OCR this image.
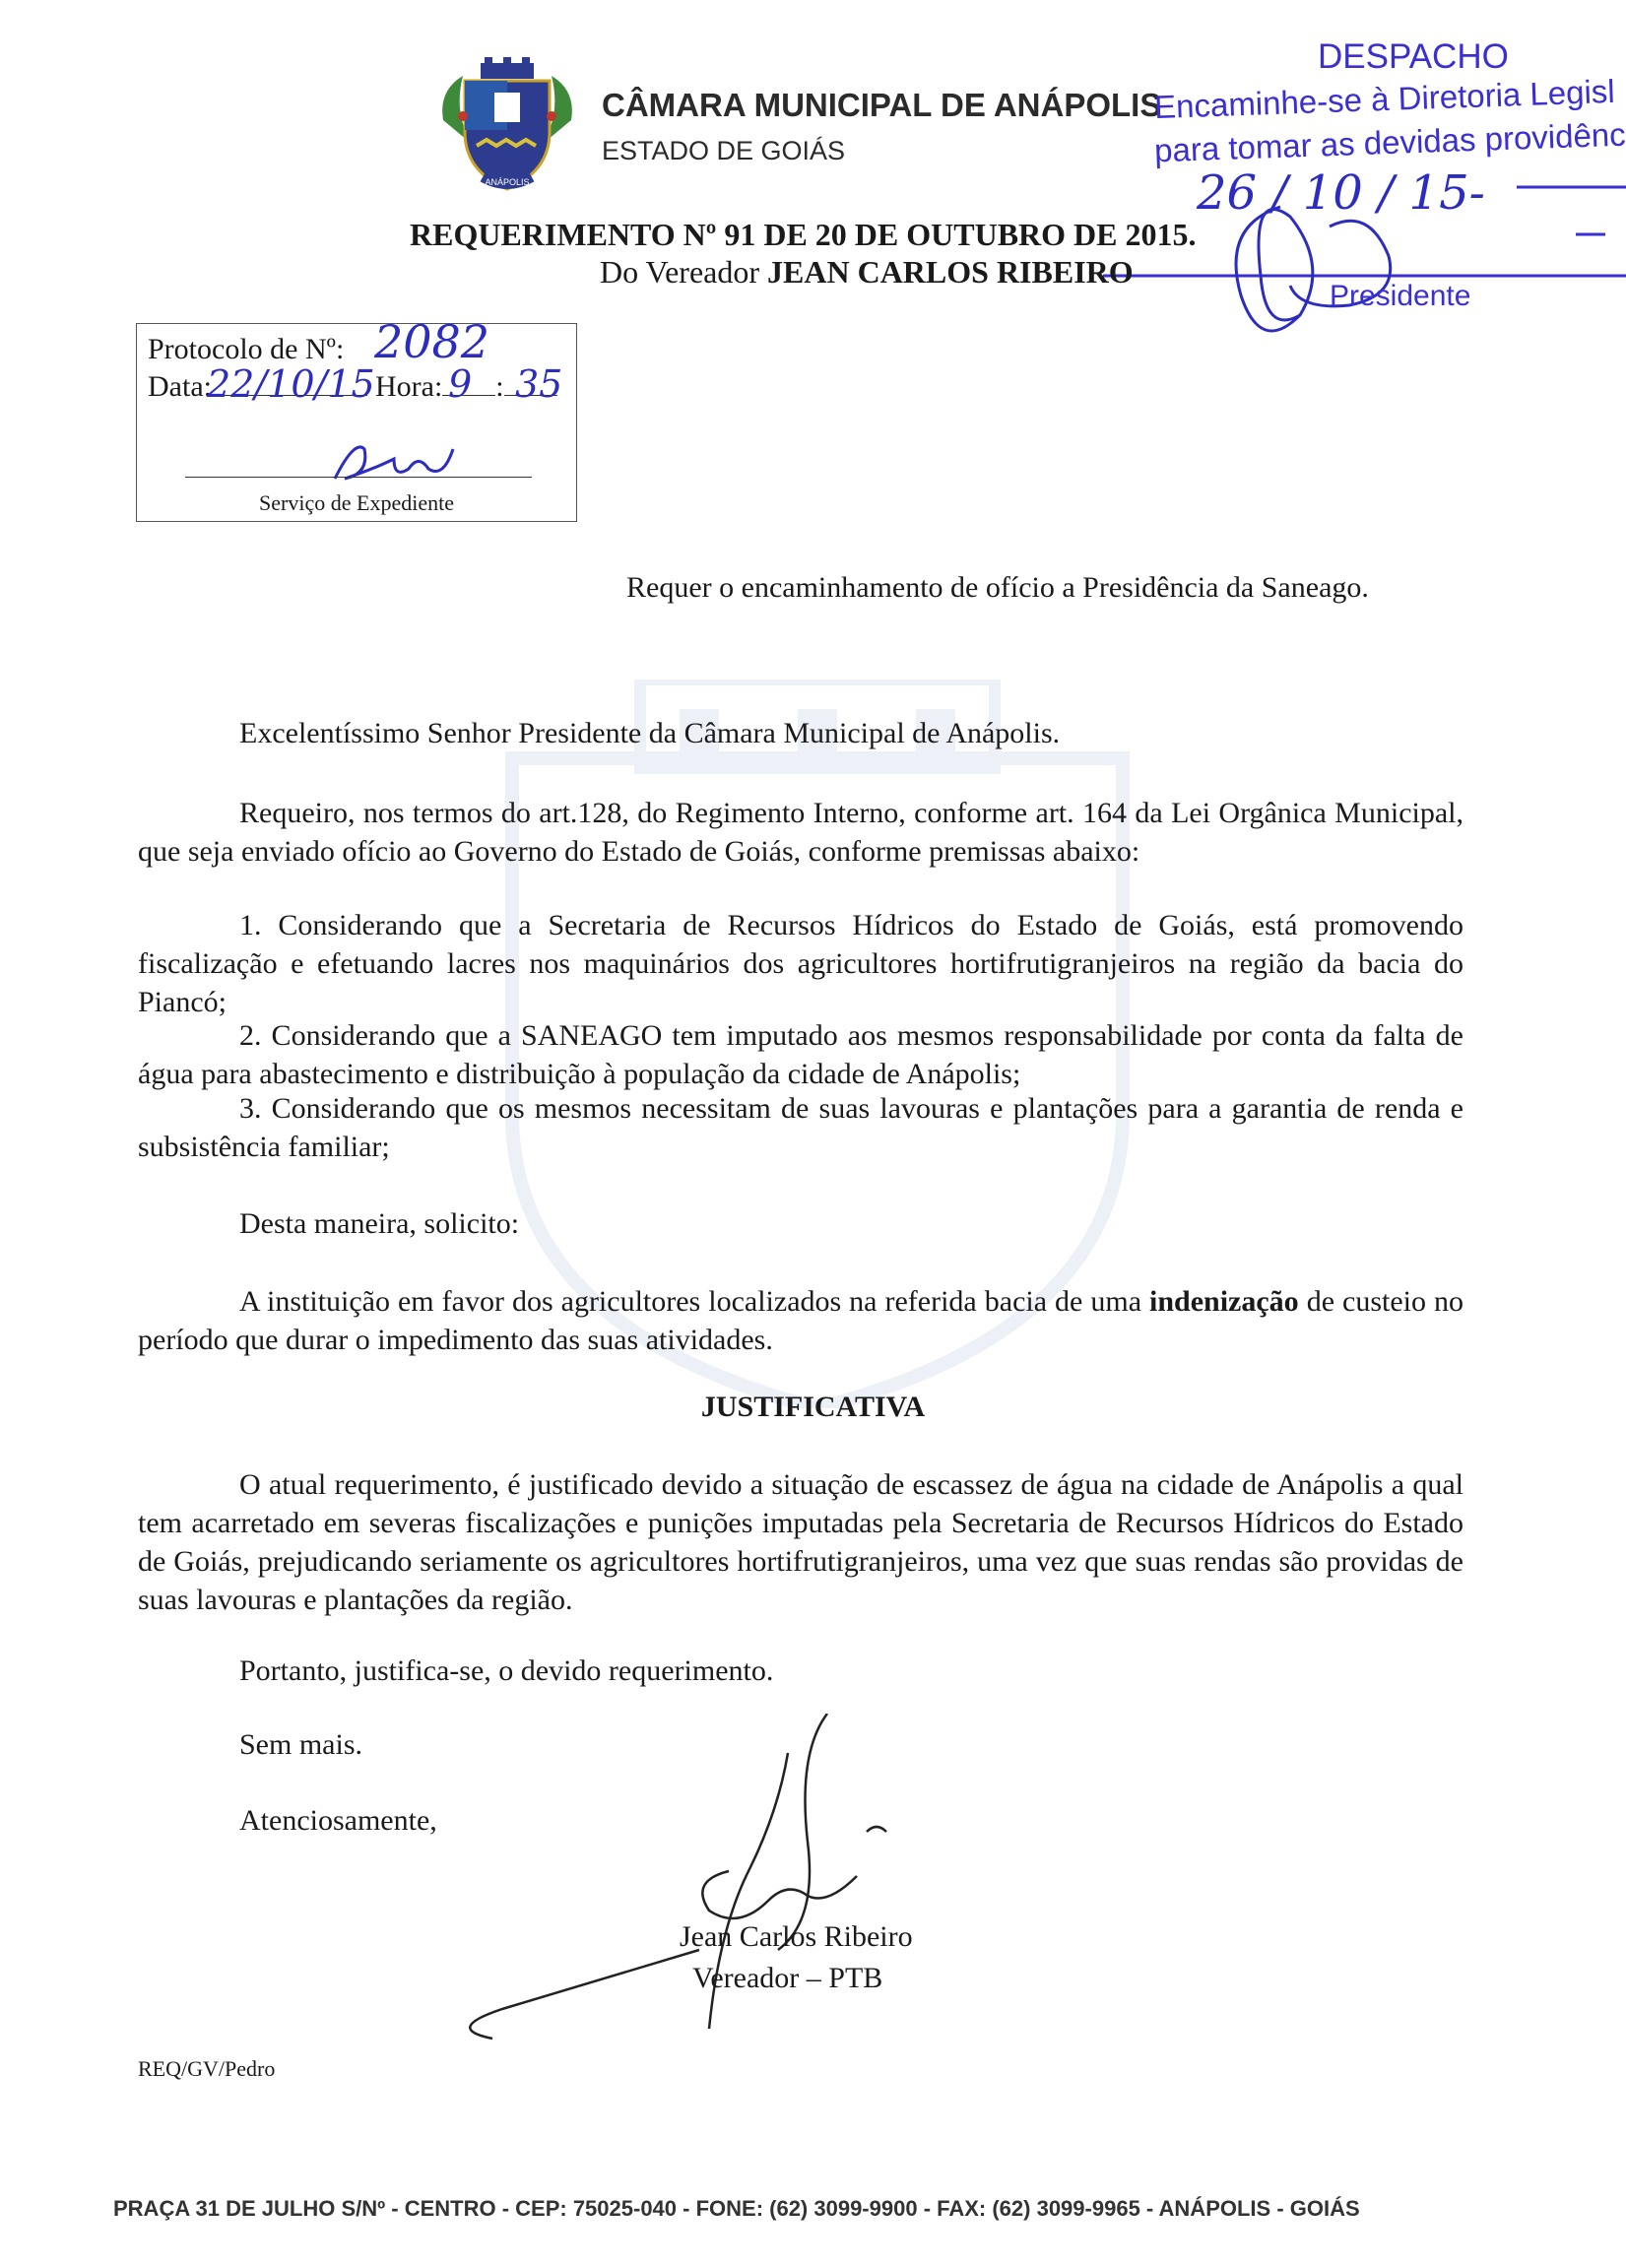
ANÁPOLIS
CÂMARA MUNICIPAL DE ANÁPOLIS
ESTADO DE GOIÁS
DESPACHO
Encaminhe-se à Diretoria Legisl
para tomar as devidas providênc
26 / 10 / 15-
Presidente
REQUERIMENTO Nº 91 DE 20 DE OUTUBRO DE 2015.
Do Vereador JEAN CARLOS RIBEIRO
Protocolo de Nº: 2082
Data:	Hora: :
22/10/15 9 35
Serviço de Expediente
Requer o encaminhamento de ofício a Presidência da Saneago.
Excelentíssimo Senhor Presidente da Câmara Municipal de Anápolis.
Requeiro, nos termos do art.128, do Regimento Interno, conforme art. 164 da Lei Orgânica Municipal, que seja enviado ofício ao Governo do Estado de Goiás, conforme premissas abaixo:
1. Considerando que a Secretaria de Recursos Hídricos do Estado de Goiás, está promovendo fiscalização e efetuando lacres nos maquinários dos agricultores hortifrutigranjeiros na região da bacia do Piancó;
2. Considerando que a SANEAGO tem imputado aos mesmos responsabilidade por conta da falta de água para abastecimento e distribuição à população da cidade de Anápolis;
3. Considerando que os mesmos necessitam de suas lavouras e plantações para a garantia de renda e subsistência familiar;
Desta maneira, solicito:
A instituição em favor dos agricultores localizados na referida bacia de uma indenização de custeio no período que durar o impedimento das suas atividades.
JUSTIFICATIVA
O atual requerimento, é justificado devido a situação de escassez de água na cidade de Anápolis a qual tem acarretado em severas fiscalizações e punições imputadas pela Secretaria de Recursos Hídricos do Estado de Goiás, prejudicando seriamente os agricultores hortifrutigranjeiros, uma vez que suas rendas são providas de suas lavouras e plantações da região.
Portanto, justifica-se, o devido requerimento.
Sem mais.
Atenciosamente,
Jean Carlos Ribeiro
Vereador – PTB
REQ/GV/Pedro
PRAÇA 31 DE JULHO S/Nº - CENTRO - CEP: 75025-040 - FONE: (62) 3099-9900 - FAX: (62) 3099-9965 - ANÁPOLIS - GOIÁS
